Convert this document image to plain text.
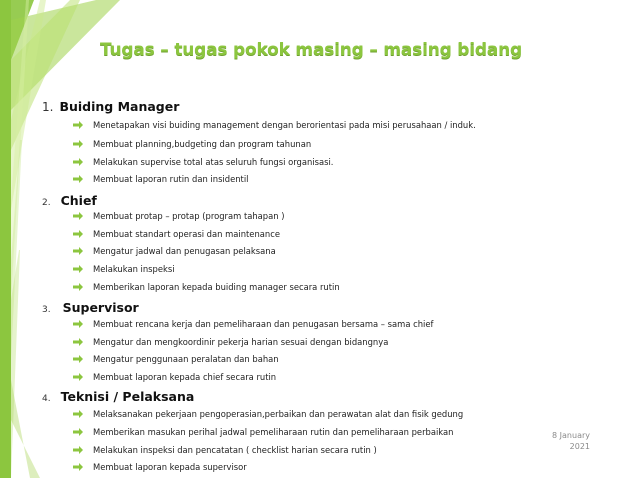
Tugas – tugas pokok masing – masing bidang
1. Buiding Manager
Menetapakan visi buiding management dengan berorientasi pada misi perusahaan / induk.
Membuat planning,budgeting dan program tahunan
Melakukan supervise total atas seluruh fungsi organisasi.
Membuat laporan rutin dan insidentil
2. Chief
Membuat protap – protap (program tahapan )
Membuat standart operasi dan maintenance
Mengatur jadwal dan penugasan pelaksana
Melakukan inspeksi
Memberikan laporan kepada buiding manager secara rutin
3. Supervisor
Membuat rencana kerja dan pemeliharaan dan penugasan bersama – sama chief
Mengatur dan mengkoordinir pekerja harian sesuai dengan bidangnya
Mengatur penggunaan peralatan dan bahan
Membuat laporan kepada chief secara rutin
4. Teknisi / Pelaksana
Melaksanakan pekerjaan pengoperasian,perbaikan dan perawatan alat dan fisik gedung
Memberikan masukan perihal jadwal pemeliharaan rutin dan pemeliharaan perbaikan
Melakukan inspeksi dan pencatatan ( checklist harian secara rutin )
Membuat laporan kepada supervisor
8 January
2021
